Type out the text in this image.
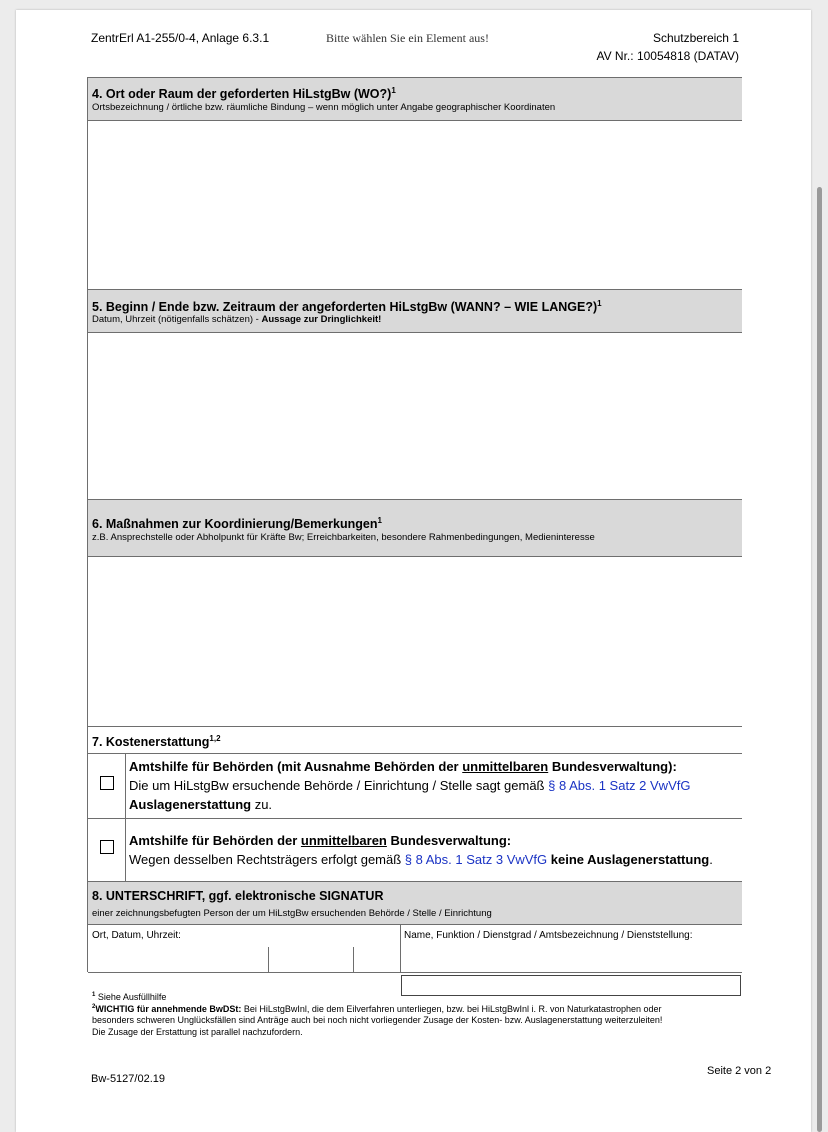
ZentrErl A1-255/0-4, Anlage 6.3.1	Bitte wählen Sie ein Element aus!	Schutzbereich 1
AV Nr.: 10054818 (DATAV)
4. Ort oder Raum der geforderten HiLstgBw (WO?)$^1$
Ortsbezeichnung / örtliche bzw. räumliche Bindung – wenn möglich unter Angabe geographischer Koordinaten
5. Beginn / Ende bzw. Zeitraum der angeforderten HiLstgBw (WANN? – WIE LANGE?)$^1$
Datum, Uhrzeit (nötigenfalls schätzen) - Aussage zur Dringlichkeit!
6. Maßnahmen zur Koordinierung/Bemerkungen$^1$
z.B. Ansprechstelle oder Abholpunkt für Kräfte Bw; Erreichbarkeiten, besondere Rahmenbedingungen, Medieninteresse
7. Kostenerstattung$^{1,2}$
Amtshilfe für Behörden (mit Ausnahme Behörden der unmittelbaren Bundesverwaltung):
Die um HiLstgBw ersuchende Behörde / Einrichtung / Stelle sagt gemäß § 8 Abs. 1 Satz 2 VwVfG
Auslagenerstattung zu.
Amtshilfe für Behörden der unmittelbaren Bundesverwaltung:
Wegen desselben Rechtsträgers erfolgt gemäß § 8 Abs. 1 Satz 3 VwVfG keine Auslagenerstattung.
8. UNTERSCHRIFT, ggf. elektronische SIGNATUR
einer zeichnungsbefugten Person der um HiLstgBw ersuchenden Behörde / Stelle / Einrichtung
Ort, Datum, Uhrzeit:	Name, Funktion / Dienstgrad / Amtsbezeichnung / Dienststellung:
$^1$ Siehe Ausfüllhilfe
$^2$WICHTIG für annehmende BwDSt: Bei HiLstgBwInl, die dem Eilverfahren unterliegen, bzw. bei HiLstgBwInl i. R. von Naturkatastrophen oder
besonders schweren Unglücksfällen sind Anträge auch bei noch nicht vorliegender Zusage der Kosten- bzw. Auslagenerstattung weiterzuleiten!
Die Zusage der Erstattung ist parallel nachzufordern.
Seite 2 von 2
Bw-5127/02.19
